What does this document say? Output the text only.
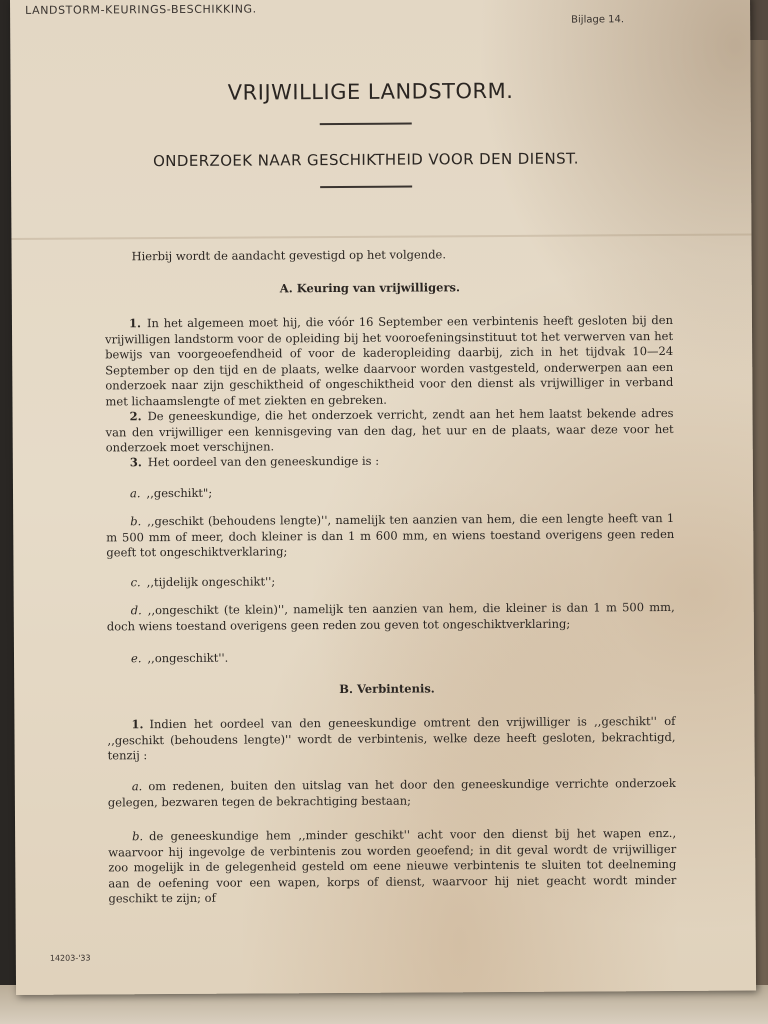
LANDSTORM-KEURINGS-BESCHIKKING.
Bijlage 14.
VRIJWILLIGE LANDSTORM.
ONDERZOEK NAAR GESCHIKTHEID VOOR DEN DIENST.
Hierbij wordt de aandacht gevestigd op het volgende.
A. Keuring van vrijwilligers.
1. In het algemeen moet hij, die vóór 16 September een verbintenis heeft gesloten bij den vrijwilligen landstorm voor de opleiding bij het vooroefeningsinstituut tot het verwerven van het bewijs van voorgeoefendheid of voor de kaderopleiding daarbij, zich in het tijdvak 10—24 September op den tijd en de plaats, welke daarvoor worden vastgesteld, onderwerpen aan een onderzoek naar zijn geschiktheid of ongeschiktheid voor den dienst als vrijwilliger in verband met lichaamslengte of met ziekten en gebreken.
2. De geneeskundige, die het onderzoek verricht, zendt aan het hem laatst bekende adres van den vrijwilliger een kennisgeving van den dag, het uur en de plaats, waar deze voor het onderzoek moet verschijnen.
3. Het oordeel van den geneeskundige is :
a. ,,geschikt";
b. ,,geschikt (behoudens lengte)'', namelijk ten aanzien van hem, die een lengte heeft van 1 m 500 mm of meer, doch kleiner is dan 1 m 600 mm, en wiens toestand overigens geen reden geeft tot ongeschiktverklaring;
c. ,,tijdelijk ongeschikt'';
d. ,,ongeschikt (te klein)'', namelijk ten aanzien van hem, die kleiner is dan 1 m 500 mm, doch wiens toestand overigens geen reden zou geven tot ongeschiktverklaring;
e. ,,ongeschikt''.
B. Verbintenis.
1. Indien het oordeel van den geneeskundige omtrent den vrijwilliger is ,,geschikt'' of ,,geschikt (behoudens lengte)'' wordt de verbintenis, welke deze heeft gesloten, bekrachtigd, tenzij :
a. om redenen, buiten den uitslag van het door den geneeskundige verrichte onderzoek gelegen, bezwaren tegen de bekrachtiging bestaan;
b. de geneeskundige hem ,,minder geschikt'' acht voor den dienst bij het wapen enz., waarvoor hij ingevolge de verbintenis zou worden geoefend; in dit geval wordt de vrijwilliger zoo mogelijk in de gelegenheid gesteld om eene nieuwe verbintenis te sluiten tot deelneming aan de oefening voor een wapen, korps of dienst, waarvoor hij niet geacht wordt minder geschikt te zijn; of
14203-'33
